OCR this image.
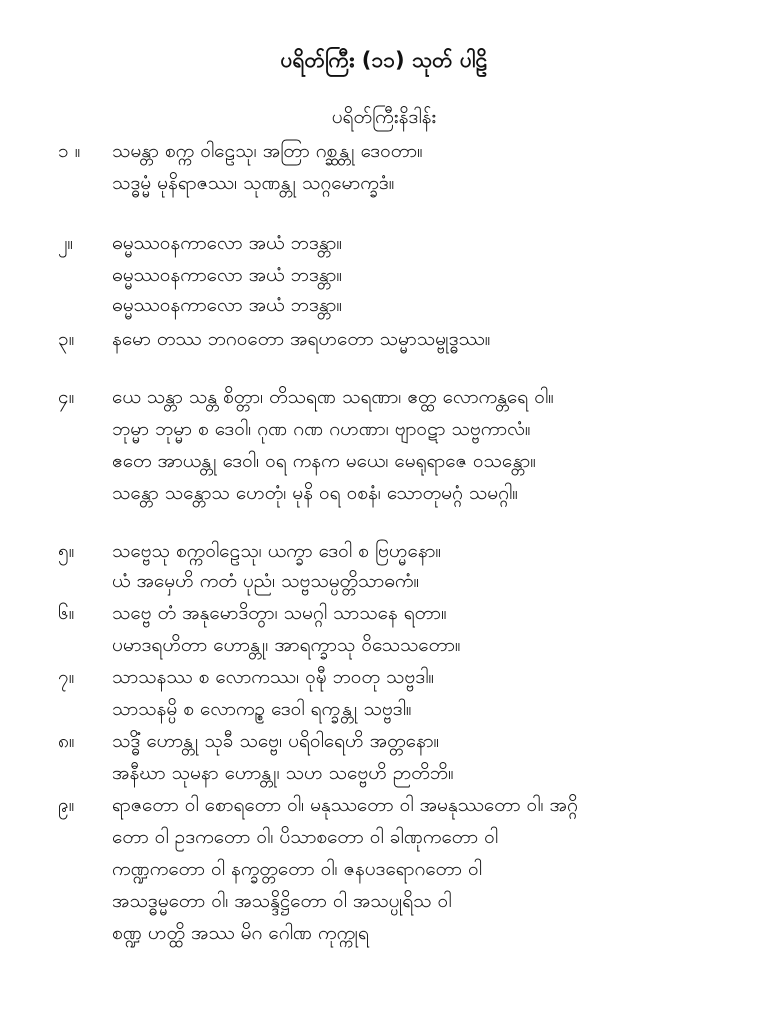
ပရိတ်ကြီး (၁၁) သုတ် ပါဠိ
ပရိတ်ကြီးနိဒါန်း
၁ ။	သမန္တာ စက္က ဝါဠေသု၊ အတြာ ဂစ္ဆန္တု ဒေဝတာ။
သဒ္ဓမ္မံ မုနိရာဇဿ၊ သုဏန္တု သဂ္ဂမောက္ခဒံ။
၂။	ဓမ္မဿဝနကာလော အယံ ဘဒန္တာ။
ဓမ္မဿဝနကာလော အယံ ဘဒန္တာ။
ဓမ္မဿဝနကာလော အယံ ဘဒန္တာ။
၃။	နမော တဿ ဘဂဝတော အရဟတော သမ္မာသမ္ဗုဒ္ဓဿ။
၄။	ယေ သန္တာ သန္တ စိတ္တာ၊ တိသရဏ သရဏာ၊ ဧတ္ထ လောကန္တရေ ဝါ။
ဘုမ္မာ ဘုမ္မာ စ ဒေဝါ၊ ဂုဏ ဂဏ ဂဟဏာ၊ ဗျာဝဋာ သဗ္ဗကာလံ။
ဧတေ အာယန္တု ဒေဝါ၊ ဝရ ကနက မယေ၊ မေရုရာဇေ ဝသန္တော။
သန္တော သန္တောသ ဟေတုံ၊ မုနိ ဝရ ဝစနံ၊ သောတုမဂ္ဂံ သမဂ္ဂါ။
၅။	သဗ္ဗေသု စက္ကဝါဠေသု၊ ယက္ခာ ဒေဝါ စ ဗြဟ္မနော။
ယံ အမှေဟိ ကတံ ပုညံ၊ သဗ္ဗသမ္ပတ္တိသာဓကံ။
၆။	သဗ္ဗေ တံ အနုမောဒိတွာ၊ သမဂ္ဂါ သာသနေ ရတာ။
ပမာဒရဟိတာ ဟောန္တု၊ အာရက္ခာသု ဝိသေသတော။
၇။	သာသနဿ စ လောကဿ၊ ဝုဍ္ဎီ ဘဝတု သဗ္ဗဒါ။
သာသနမ္ပိ စ လောကဉ္စ ဒေဝါ ရက္ခန္တု သဗ္ဗဒါ။
၈။	သဒ္ဓိံ ဟောန္တု သုခီ သဗ္ဗေ၊ ပရိဝါရေဟိ အတ္တနော။
အနီဃာ သုမနာ ဟောန္တု၊ သဟ သဗ္ဗေဟိ ဉာတိဘိ။
၉။	ရာဇတော ဝါ စောရတော ဝါ၊ မနုဿတော ဝါ အမနုဿတော ဝါ၊ အဂ္ဂိ
တော ဝါ ဥဒကတော ဝါ၊ ပိသာစတော ဝါ ခါဏုကတော ဝါ
ကဏ္ဍကတော ဝါ နက္ခတ္တတော ဝါ၊ ဇနပဒရောဂတော ဝါ
အသဒ္ဓမ္မတော ဝါ၊ အသန္ဒိဋ္ဌိတော ဝါ အသပ္ပုရိသ ဝါ
စဏ္ဍ ဟတ္ထိ အဿ မိဂ ဂေါဏ ကုက္ကုရ
